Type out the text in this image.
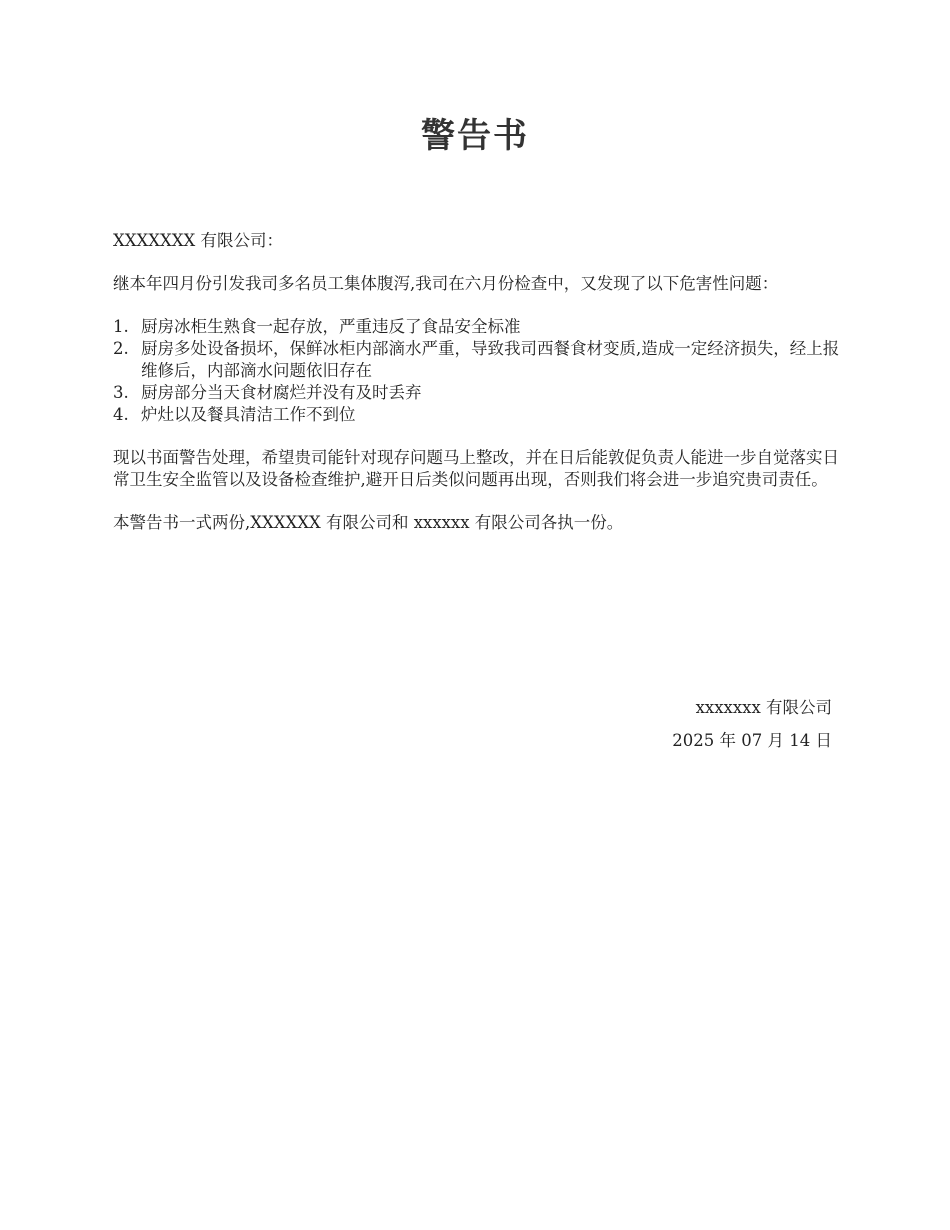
警告书

XXXXXXX 有限公司：

继本年四月份引发我司多名员工集体腹泻,我司在六月份检查中，又发现了以下危害性问题：

1. 厨房冰柜生熟食一起存放，严重违反了食品安全标准
2. 厨房多处设备损坏，保鲜冰柜内部滴水严重，导致我司西餐食材变质,造成一定经济损失，经上报维修后，内部滴水问题依旧存在
3. 厨房部分当天食材腐烂并没有及时丢弃
4. 炉灶以及餐具清洁工作不到位

现以书面警告处理，希望贵司能针对现存问题马上整改，并在日后能敦促负责人能进一步自觉落实日常卫生安全监管以及设备检查维护,避开日后类似问题再出现，否则我们将会进一步追究贵司责任。

本警告书一式两份,XXXXXX 有限公司和 xxxxxx 有限公司各执一份。

xxxxxxx 有限公司
2025 年 07 月 14 日
